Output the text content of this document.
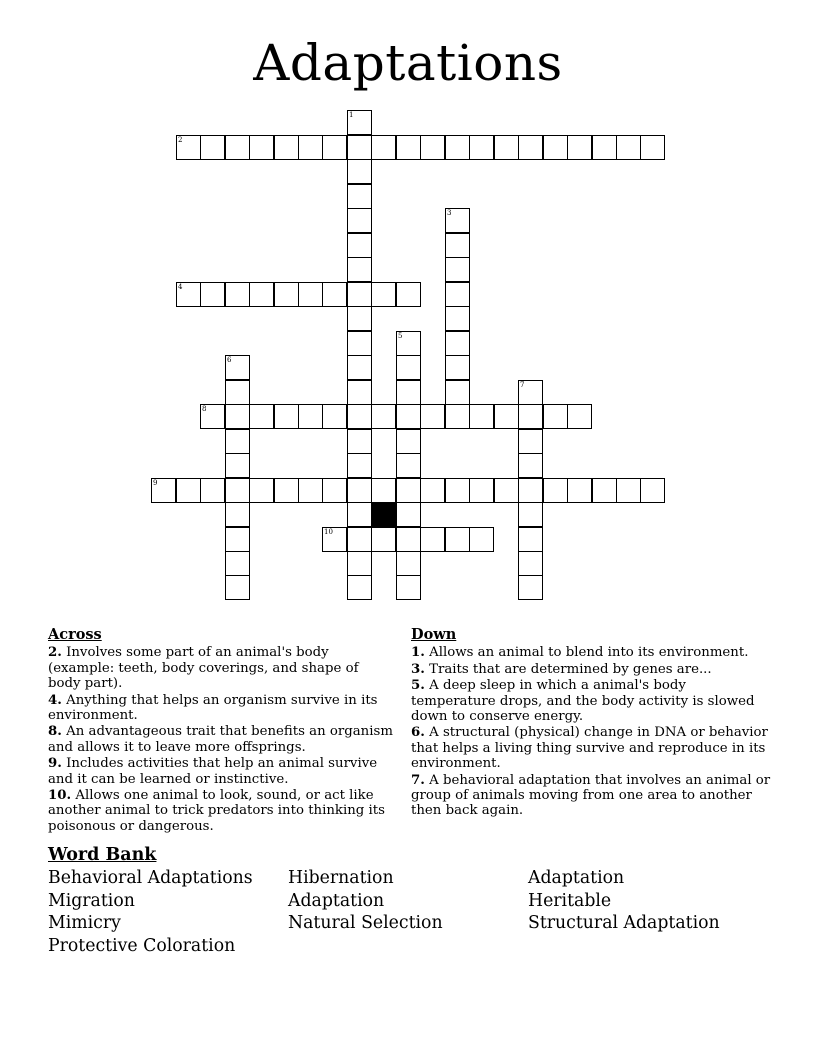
Adaptations
1
2
3
4
5
6
7
8
9
10
Across
2. Involves some part of an animal's body (example: teeth, body coverings, and shape of body part).
4. Anything that helps an organism survive in its environment.
8. An advantageous trait that benefits an organism and allows it to leave more offsprings.
9. Includes activities that help an animal survive and it can be learned or instinctive.
10. Allows one animal to look, sound, or act like another animal to trick predators into thinking its poisonous or dangerous.
Down
1. Allows an animal to blend into its environment.
3. Traits that are determined by genes are...
5. A deep sleep in which a animal's body temperature drops, and the body activity is slowed down to conserve energy.
6. A structural (physical) change in DNA or behavior that helps a living thing survive and reproduce in its environment.
7. A behavioral adaptation that involves an animal or group of animals moving from one area to another then back again.
Word Bank
Behavioral Adaptations
Migration
Mimicry
Protective Coloration
Hibernation
Adaptation
Natural Selection
Adaptation
Heritable
Structural Adaptation
